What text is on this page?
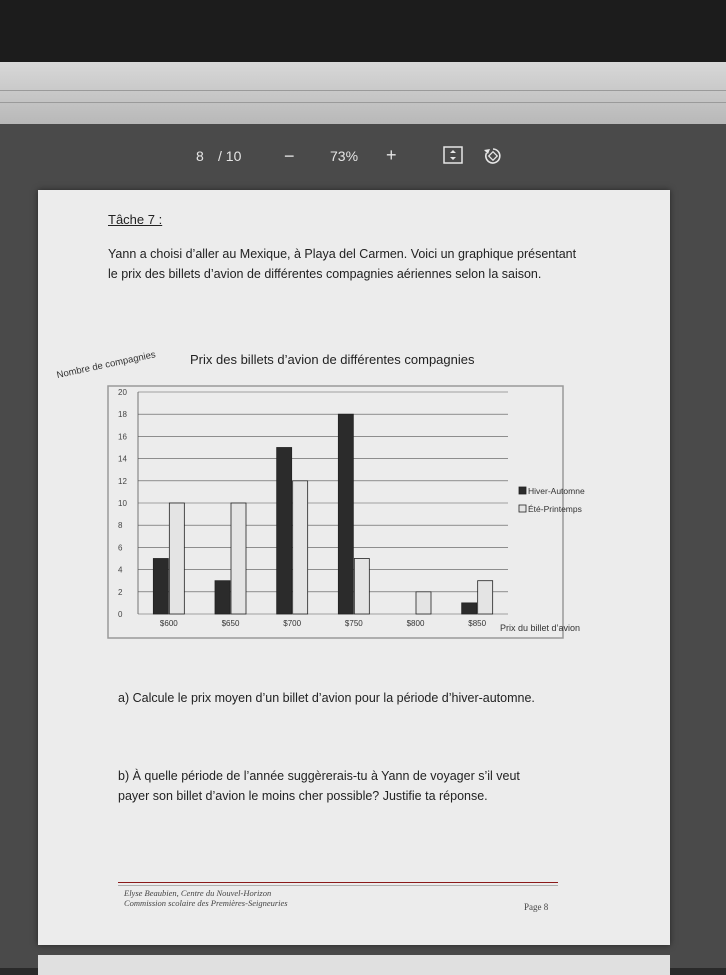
8 / 10 −	73% +
Tâche 7 :
Yann a choisi d’aller au Mexique, à Playa del Carmen. Voici un graphique présentant le prix des billets d’avion de différentes compagnies aériennes selon la saison.
Prix des billets d’avion de différentes compagnies
Nombre de compagnies
0
2
4
6
8
10
12
14
16
18
20
$600	$650	$700	$750	$800	$850
Hiver-Automne
Été-Printemps
Prix du billet d’avion
a) Calcule le prix moyen d’un billet d’avion pour la période d’hiver-automne.
b) À quelle période de l’année suggèrerais-tu à Yann de voyager s’il veut payer son billet d’avion le moins cher possible? Justifie ta réponse.
Elyse Beaubien, Centre du Nouvel-Horizon
Commission scolaire des Premières-Seigneuries	Page 8
